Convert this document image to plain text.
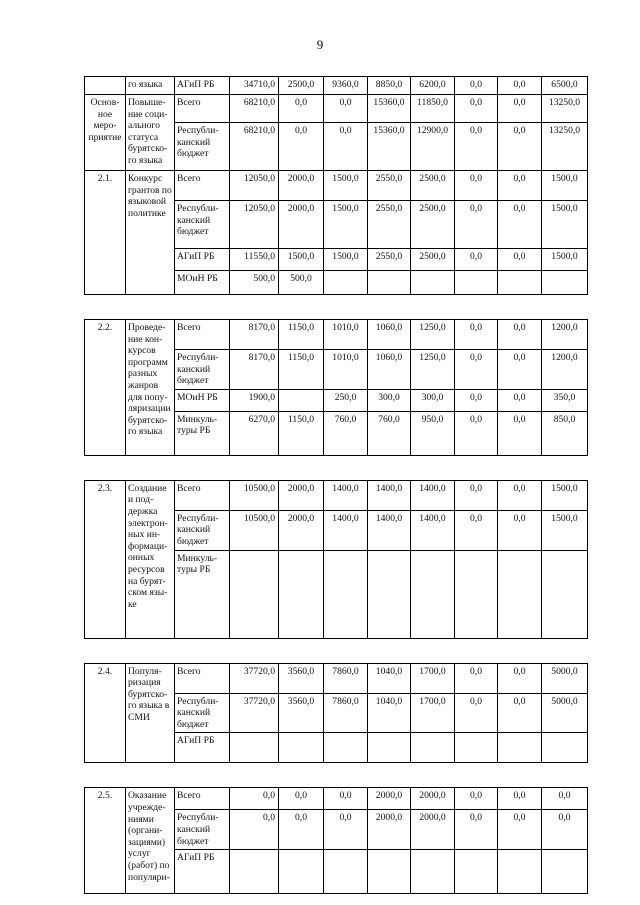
9
	го языка	АГиП РБ	34710,0	2500,0	9360,0	8850,0	6200,0	0,0	0,0	6500,0
Основ-ное меро-приятие	Повыше-ние соци-ального статуса бурятско-го языка	Всего	68210,0	0,0	0,0	15360,0	11850,0	0,0	0,0	13250,0
		Республи-канский бюджет	68210,0	0,0	0,0	15360,0	12900,0	0,0	0,0	13250,0
2.1.	Конкурс грантов по языковой политике	Всего	12050,0	2000,0	1500,0	2550,0	2500,0	0,0	0,0	1500,0
		Республи-канский бюджет	12050,0	2000,0	1500,0	2550,0	2500,0	0,0	0,0	1500,0
		АГиП РБ	11550,0	1500,0	1500,0	2550,0	2500,0	0,0	0,0	1500,0
		МОиН РБ	500,0	500,0						

2.2.	Проведе-ние кон-курсов программ разных жанров для попу-ляризации бурятско-го языка	Всего	8170,0	1150,0	1010,0	1060,0	1250,0	0,0	0,0	1200,0
		Республи-канский бюджет	8170,0	1150,0	1010,0	1060,0	1250,0	0,0	0,0	1200,0
		МОиН РБ	1900,0		250,0	300,0	300,0	0,0	0,0	350,0
		Минкуль-туры РБ	6270,0	1150,0	760,0	760,0	950,0	0,0	0,0	850,0

2.3.	Создание и под-держка электрон-ных ин-формаци-онных ресурсов на бурят-ском язы-ке	Всего	10500,0	2000,0	1400,0	1400,0	1400,0	0,0	0,0	1500,0
		Республи-канский бюджет	10500,0	2000,0	1400,0	1400,0	1400,0	0,0	0,0	1500,0
		Минкуль-туры РБ								

2.4.	Популя-ризация бурятско-го языка в СМИ	Всего	37720,0	3560,0	7860,0	1040,0	1700,0	0,0	0,0	5000,0
		Республи-канский бюджет	37720,0	3560,0	7860,0	1040,0	1700,0	0,0	0,0	5000,0
		АГиП РБ								

2.5.	Оказание учрежде-ниями (органи-зациями) услуг (работ) по популяри-	Всего	0,0	0,0	0,0	2000,0	2000,0	0,0	0,0	0,0
		Республи-канский бюджет	0,0	0,0	0,0	2000,0	2000,0	0,0	0,0	0,0
		АГиП РБ								
